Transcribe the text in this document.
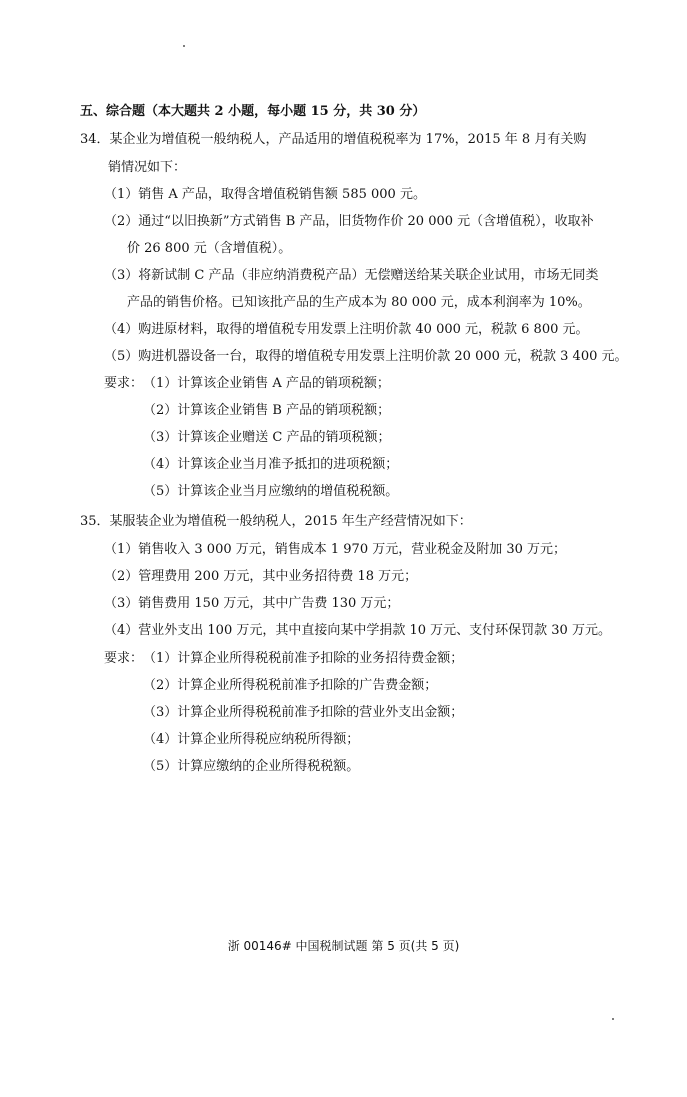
五、综合题（本大题共 2 小题，每小题 15 分，共 30 分）
34．某企业为增值税一般纳税人，产品适用的增值税税率为 17%，2015 年 8 月有关购
销情况如下：
（1）销售 A 产品，取得含增值税销售额 585 000 元。
（2）通过“以旧换新”方式销售 B 产品，旧货物作价 20 000 元（含增值税），收取补
价 26 800 元（含增值税）。
（3）将新试制 C 产品（非应纳消费税产品）无偿赠送给某关联企业试用，市场无同类
产品的销售价格。已知该批产品的生产成本为 80 000 元，成本利润率为 10%。
（4）购进原材料，取得的增值税专用发票上注明价款 40 000 元，税款 6 800 元。
（5）购进机器设备一台，取得的增值税专用发票上注明价款 20 000 元，税款 3 400 元。
要求： （1）计算该企业销售 A 产品的销项税额；
（2）计算该企业销售 B 产品的销项税额；
（3）计算该企业赠送 C 产品的销项税额；
（4）计算该企业当月准予抵扣的进项税额；
（5）计算该企业当月应缴纳的增值税税额。
35．某服装企业为增值税一般纳税人，2015 年生产经营情况如下：
（1）销售收入 3 000 万元，销售成本 1 970 万元，营业税金及附加 30 万元；
（2）管理费用 200 万元，其中业务招待费 18 万元；
（3）销售费用 150 万元，其中广告费 130 万元；
（4）营业外支出 100 万元，其中直接向某中学捐款 10 万元、支付环保罚款 30 万元。
要求： （1）计算企业所得税税前准予扣除的业务招待费金额；
（2）计算企业所得税税前准予扣除的广告费金额；
（3）计算企业所得税税前准予扣除的营业外支出金额；
（4）计算企业所得税应纳税所得额；
（5）计算应缴纳的企业所得税税额。
浙 00146# 中国税制试题 第 5 页(共 5 页)
